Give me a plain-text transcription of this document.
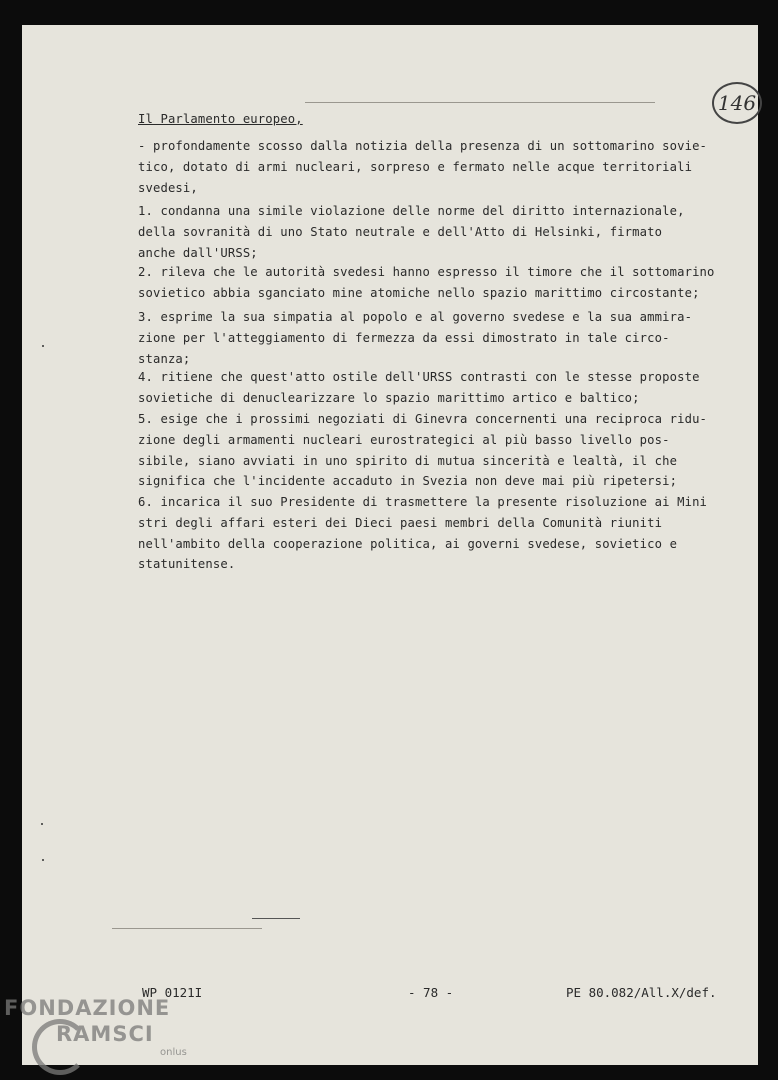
146
Il Parlamento europeo,
- profondamente scosso dalla notizia della presenza di un sottomarino sovie-
tico, dotato di armi nucleari, sorpreso e fermato nelle acque territoriali
svedesi,
1. condanna una simile violazione delle norme del diritto internazionale,
della sovranità di uno Stato neutrale e dell'Atto di Helsinki, firmato
anche dall'URSS;
2. rileva che le autorità svedesi hanno espresso il timore che il sottomarino
sovietico abbia sganciato mine atomiche nello spazio marittimo circostante;
3. esprime la sua simpatia al popolo e al governo svedese e la sua ammira-
zione per l'atteggiamento di fermezza da essi dimostrato in tale circo-
stanza;
4. ritiene che quest'atto ostile dell'URSS contrasti con le stesse proposte
sovietiche di denuclearizzare lo spazio marittimo artico e baltico;
5. esige che i prossimi negoziati di Ginevra concernenti una reciproca ridu-
zione degli armamenti nucleari eurostrategici al più basso livello pos-
sibile, siano avviati in uno spirito di mutua sincerità e lealtà, il che
significa che l'incidente accaduto in Svezia non deve mai più ripetersi;
6. incarica il suo Presidente di trasmettere la presente risoluzione ai Mini
stri degli affari esteri dei Dieci paesi membri della Comunità riuniti
nell'ambito della cooperazione politica, ai governi svedese, sovietico e
statunitense.
WP 0121I	- 78 -	PE 80.082/All.X/def.
FONDAZIONE
RAMSCI
onlus
